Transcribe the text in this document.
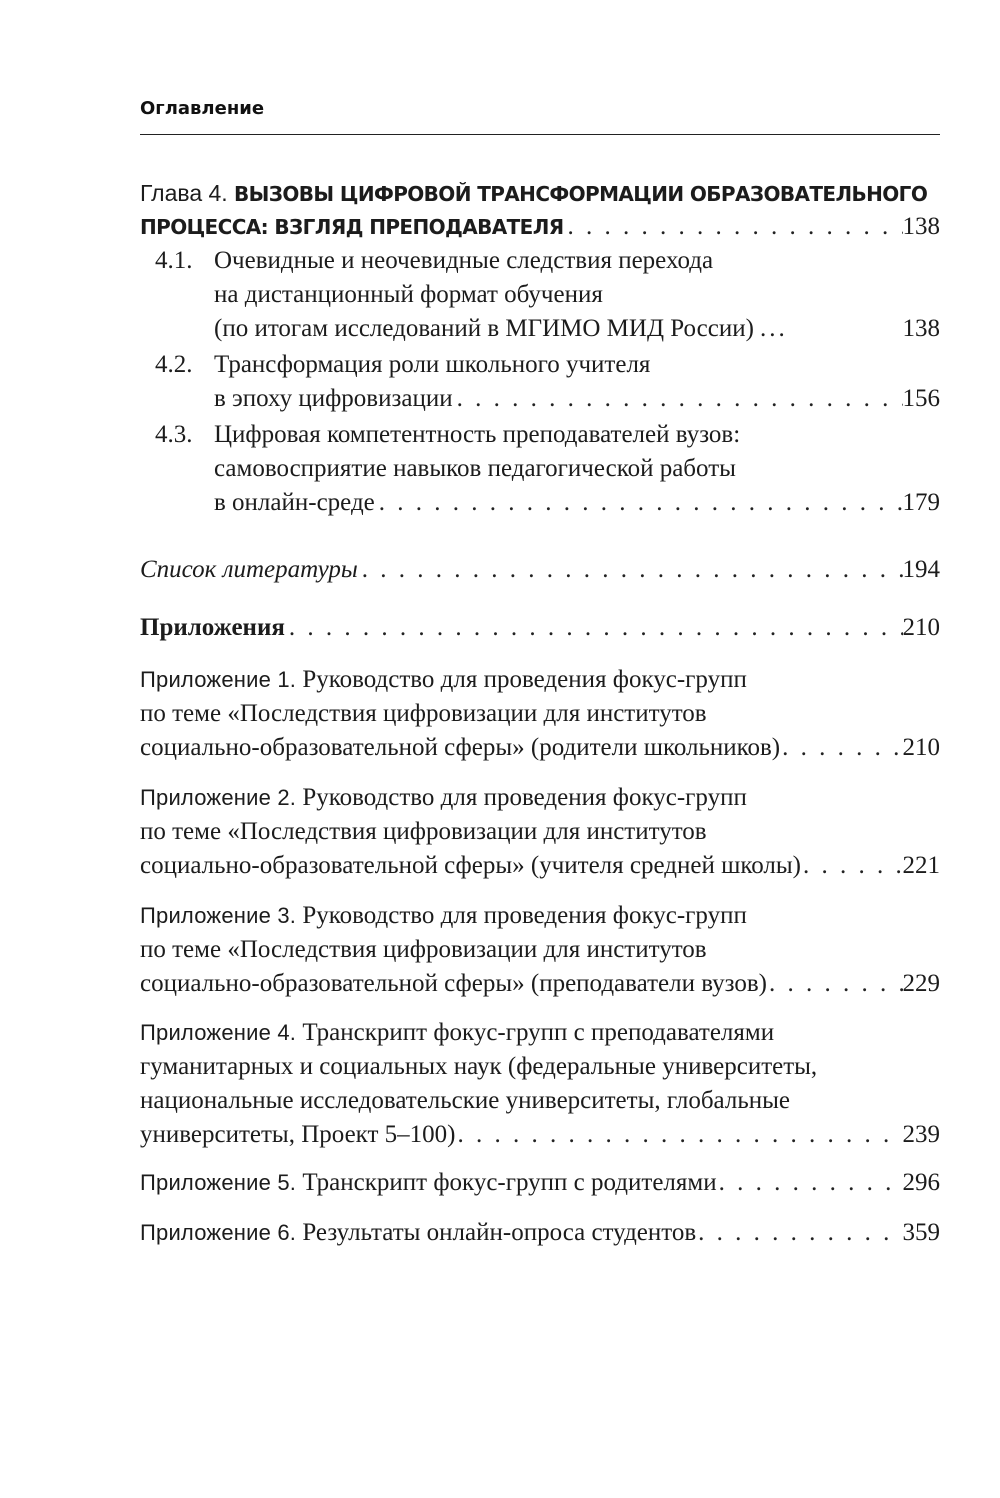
Оглавление
Глава 4. ВЫЗОВЫ ЦИФРОВОЙ ТРАНСФОРМАЦИИ ОБРАЗОВАТЕЛЬНОГО
ПРОЦЕССА: ВЗГЛЯД ПРЕПОДАВАТЕЛЯ . . .	138
4.1. Очевидные и неочевидные следствия перехода
на дистанционный формат обучения
(по итогам исследований в МГИМО МИД России) ...	138
4.2. Трансформация роли школьного учителя
в эпоху цифровизации . . .	156
4.3. Цифровая компетентность преподавателей вузов:
самовосприятие навыков педагогической работы
в онлайн-среде . . .	179
Список литературы . . .	194
Приложения . . .	210
Приложение 1. Руководство для проведения фокус-групп
по теме «Последствия цифровизации для институтов
социально-образовательной сферы» (родители школьников) . . .	210
Приложение 2. Руководство для проведения фокус-групп
по теме «Последствия цифровизации для институтов
социально-образовательной сферы» (учителя средней школы) . . .	221
Приложение 3. Руководство для проведения фокус-групп
по теме «Последствия цифровизации для институтов
социально-образовательной сферы» (преподаватели вузов) . . .	229
Приложение 4. Транскрипт фокус-групп с преподавателями
гуманитарных и социальных наук (федеральные университеты,
национальные исследовательские университеты, глобальные
университеты, Проект 5–100) . . .	239
Приложение 5. Транскрипт фокус-групп с родителями . . .	296
Приложение 6. Результаты онлайн-опроса студентов . . .	359
